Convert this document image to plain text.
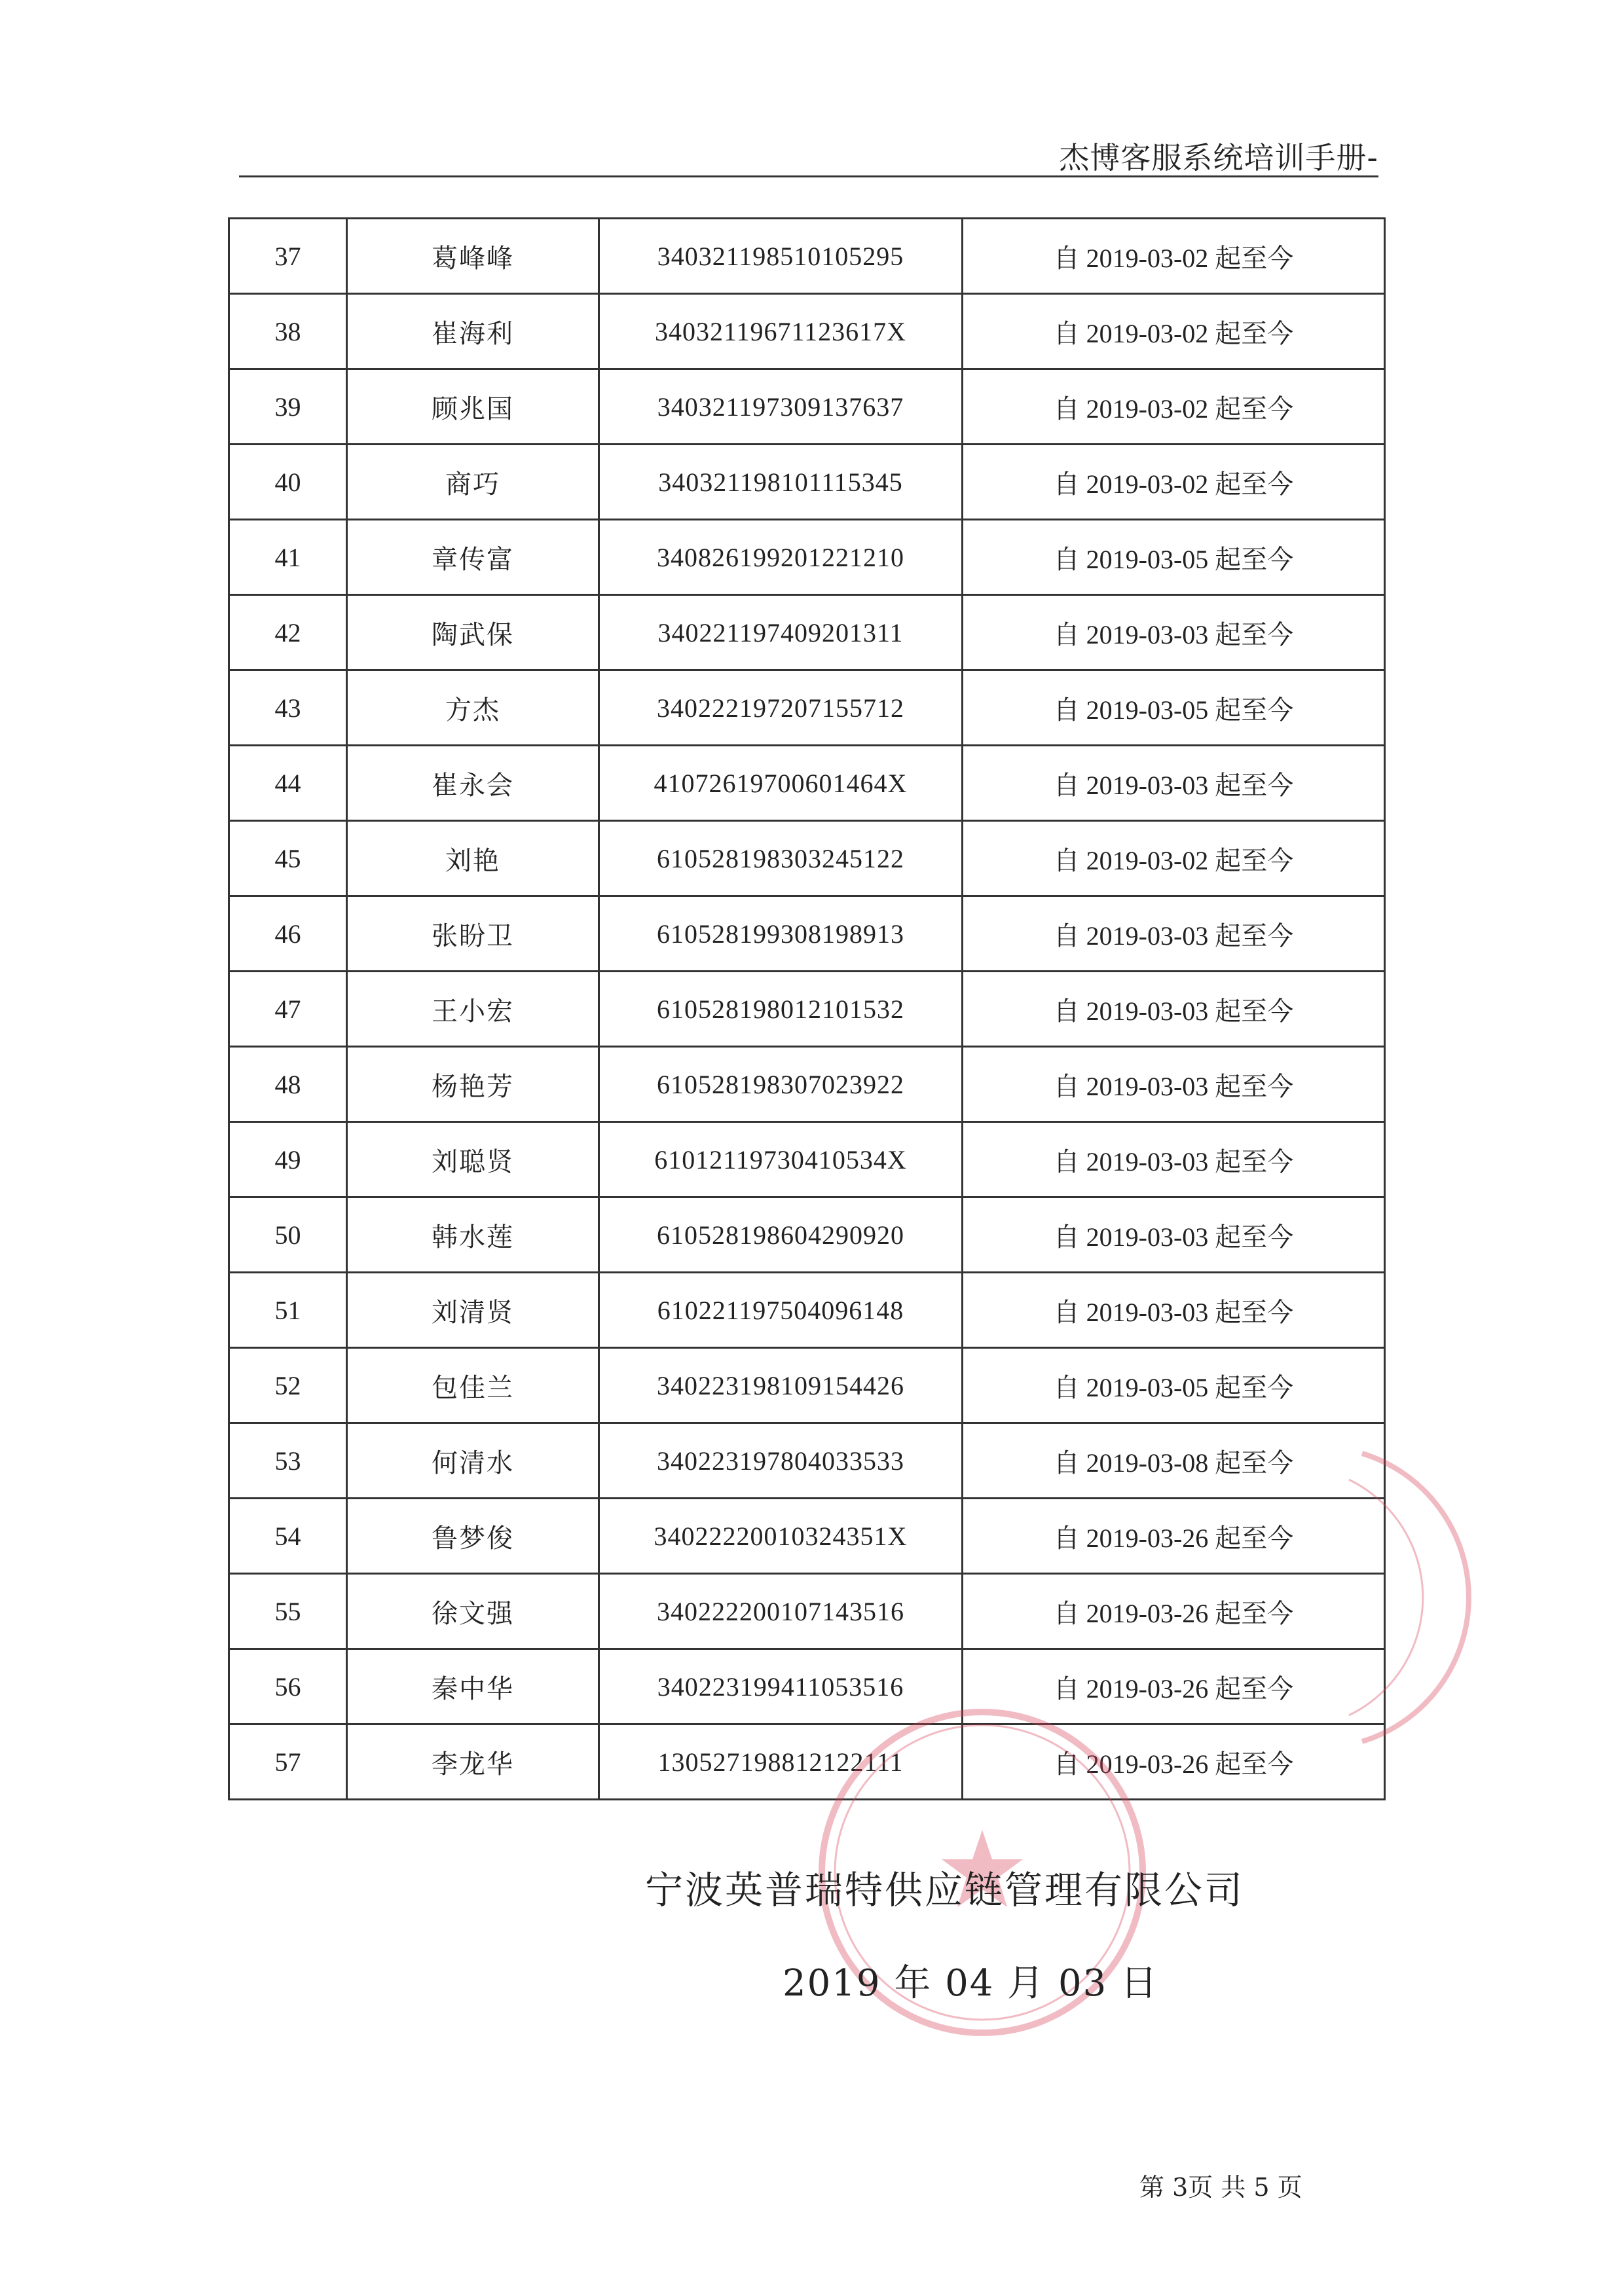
杰博客服系统培训手册-
37	葛峰峰	340321198510105295	自 2019-03-02 起至今
38	崔海利	34032119671123617X	自 2019-03-02 起至今
39	顾兆国	340321197309137637	自 2019-03-02 起至今
40	商巧	340321198101115345	自 2019-03-02 起至今
41	章传富	340826199201221210	自 2019-03-05 起至今
42	陶武保	340221197409201311	自 2019-03-03 起至今
43	方杰	340222197207155712	自 2019-03-05 起至今
44	崔永会	41072619700601464X	自 2019-03-03 起至今
45	刘艳	610528198303245122	自 2019-03-02 起至今
46	张盼卫	610528199308198913	自 2019-03-03 起至今
47	王小宏	610528198012101532	自 2019-03-03 起至今
48	杨艳芳	610528198307023922	自 2019-03-03 起至今
49	刘聪贤	61012119730410534X	自 2019-03-03 起至今
50	韩水莲	610528198604290920	自 2019-03-03 起至今
51	刘清贤	610221197504096148	自 2019-03-03 起至今
52	包佳兰	340223198109154426	自 2019-03-05 起至今
53	何清水	340223197804033533	自 2019-03-08 起至今
54	鲁梦俊	34022220010324351X	自 2019-03-26 起至今
55	徐文强	340222200107143516	自 2019-03-26 起至今
56	秦中华	340223199411053516	自 2019-03-26 起至今
57	李龙华	130527198812122111	自 2019-03-26 起至今
宁波英普瑞特供应链管理有限公司
2019 年 04 月 03 日
第 3页 共 5 页
